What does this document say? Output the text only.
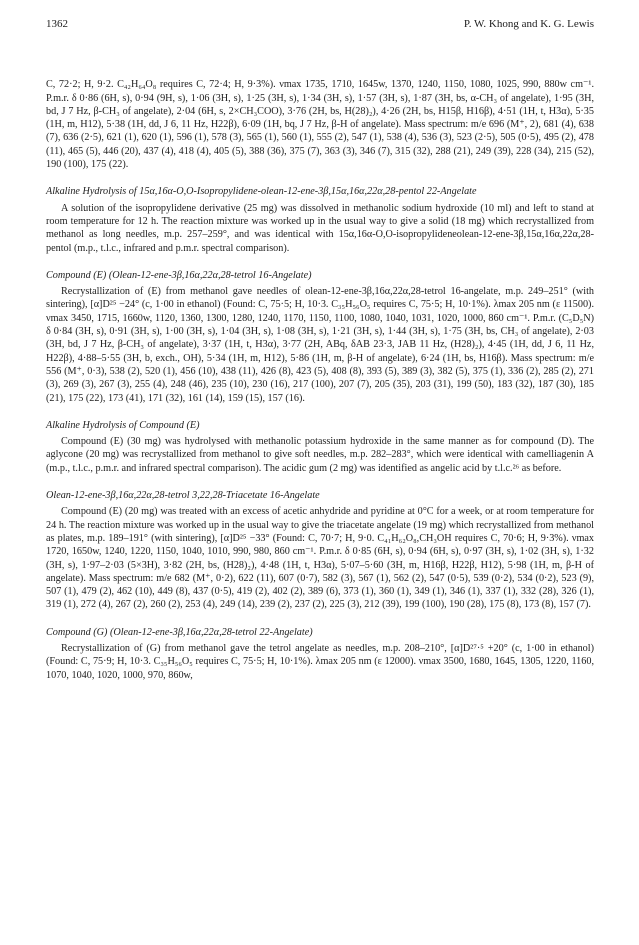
1362	P. W. Khong and K. G. Lewis

C, 72·2; H, 9·2. C₄₂H₆₄O₈ requires C, 72·4; H, 9·3%). νmax 1735, 1710, 1645w, 1370, 1240, 1150, 1080, 1025, 990, 880w cm⁻¹. P.m.r. δ 0·86 (6H, s), 0·94 (9H, s), 1·06 (3H, s), 1·25 (3H, s), 1·34 (3H, s), 1·57 (3H, s), 1·87 (3H, bs, α-CH₃ of angelate), 1·95 (3H, bd, J 7 Hz, β-CH₃ of angelate), 2·04 (6H, s, 2×CH₃COO), 3·76 (2H, bs, H(28)₂), 4·26 (2H, bs, H15β, H16β), 4·51 (1H, t, H3α), 5·35 (1H, m, H12), 5·38 (1H, dd, J 6, 11 Hz, H22β), 6·09 (1H, bq, J 7 Hz, β-H of angelate). Mass spectrum: m/e 696 (M⁺, 2), 681 (4), 638 (7), 636 (2·5), 621 (1), 620 (1), 596 (1), 578 (3), 565 (1), 560 (1), 555 (2), 547 (1), 538 (4), 536 (3), 523 (2·5), 505 (0·5), 495 (2), 478 (11), 465 (5), 446 (20), 437 (4), 418 (4), 405 (5), 388 (36), 375 (7), 363 (3), 346 (7), 315 (32), 288 (21), 249 (39), 228 (34), 215 (52), 190 (100), 175 (22).

Alkaline Hydrolysis of 15α,16α-O,O-Isopropylidene-olean-12-ene-3β,15α,16α,22α,28-pentol 22-Angelate

A solution of the isopropylidene derivative (25 mg) was dissolved in methanolic sodium hydroxide (10 ml) and left to stand at room temperature for 12 h. The reaction mixture was worked up in the usual way to give a solid (18 mg) which recrystallized from methanol as long needles, m.p. 257–259°, and was identical with 15α,16α-O,O-isopropylideneolean-12-ene-3β,15α,16α,22α,28-pentol (m.p., t.l.c., infrared and p.m.r. spectral comparison).

Compound (E) (Olean-12-ene-3β,16α,22α,28-tetrol 16-Angelate)

Recrystallization of (E) from methanol gave needles of olean-12-ene-3β,16α,22α,28-tetrol 16-angelate, m.p. 249–251° (with sintering), [α]D²⁵ −24° (c, 1·00 in ethanol) (Found: C, 75·5; H, 10·3. C₃₅H₅₆O₅ requires C, 75·5; H, 10·1%). λmax 205 nm (ε 11500). νmax 3450, 1715, 1660w, 1120, 1360, 1300, 1280, 1240, 1170, 1150, 1100, 1080, 1040, 1031, 1020, 1000, 860 cm⁻¹. P.m.r. (C₅D₅N) δ 0·84 (3H, s), 0·91 (3H, s), 1·00 (3H, s), 1·04 (3H, s), 1·08 (3H, s), 1·21 (3H, s), 1·44 (3H, s), 1·75 (3H, bs, CH₃ of angelate), 2·03 (3H, bd, J 7 Hz, β-CH₃ of angelate), 3·37 (1H, t, H3α), 3·77 (2H, ABq, δAB 23·3, JAB 11 Hz, (H28)₂), 4·45 (1H, dd, J 6, 11 Hz, H22β), 4·88–5·55 (3H, b, exch., OH), 5·34 (1H, m, H12), 5·86 (1H, m, β-H of angelate), 6·24 (1H, bs, H16β). Mass spectrum: m/e 556 (M⁺, 0·3), 538 (2), 520 (1), 456 (10), 438 (11), 426 (8), 423 (5), 408 (8), 393 (5), 389 (3), 382 (5), 375 (1), 336 (2), 285 (2), 271 (3), 269 (3), 267 (3), 255 (4), 248 (46), 235 (10), 230 (16), 217 (100), 207 (7), 205 (35), 203 (31), 199 (50), 183 (32), 187 (30), 185 (21), 175 (22), 173 (41), 171 (32), 161 (14), 159 (15), 157 (16).

Alkaline Hydrolysis of Compound (E)

Compound (E) (30 mg) was hydrolysed with methanolic potassium hydroxide in the same manner as for compound (D). The aglycone (20 mg) was recrystallized from methanol to give soft needles, m.p. 282–283°, which were identical with camelliagenin A (m.p., t.l.c., p.m.r. and infrared spectral comparison). The acidic gum (2 mg) was identified as angelic acid by t.l.c.²⁶ as before.

Olean-12-ene-3β,16α,22α,28-tetrol 3,22,28-Triacetate 16-Angelate

Compound (E) (20 mg) was treated with an excess of acetic anhydride and pyridine at 0°C for a week, or at room temperature for 24 h. The reaction mixture was worked up in the usual way to give the triacetate angelate (19 mg) which recrystallized from methanol as plates, m.p. 189–191° (with sintering), [α]D²⁵ −33° (Found: C, 70·7; H, 9·0. C₄₁H₆₂O₈,CH₃OH requires C, 70·6; H, 9·3%). νmax 1720, 1650w, 1240, 1220, 1150, 1040, 1010, 990, 980, 860 cm⁻¹. P.m.r. δ 0·85 (6H, s), 0·94 (6H, s), 0·97 (3H, s), 1·02 (3H, s), 1·32 (3H, s), 1·97–2·03 (5×3H), 3·82 (2H, bs, (H28)₂), 4·48 (1H, t, H3α), 5·07–5·60 (3H, m, H16β, H22β, H12), 5·98 (1H, m, β-H of angelate). Mass spectrum: m/e 682 (M⁺, 0·2), 622 (11), 607 (0·7), 582 (3), 567 (1), 562 (2), 547 (0·5), 539 (0·2), 534 (0·2), 523 (9), 507 (1), 479 (2), 462 (10), 449 (8), 437 (0·5), 419 (2), 402 (2), 389 (6), 373 (1), 360 (1), 349 (1), 346 (1), 337 (1), 332 (28), 326 (1), 319 (1), 272 (4), 267 (2), 260 (2), 253 (4), 249 (14), 239 (2), 237 (2), 225 (3), 212 (39), 199 (100), 190 (28), 175 (8), 173 (8), 157 (7).

Compound (G) (Olean-12-ene-3β,16α,22α,28-tetrol 22-Angelate)

Recrystallization of (G) from methanol gave the tetrol angelate as needles, m.p. 208–210°, [α]D²⁷·⁵ +20° (c, 1·00 in ethanol) (Found: C, 75·9; H, 10·3. C₃₅H₅₆O₅ requires C, 75·5; H, 10·1%). λmax 205 nm (ε 12000). νmax 3500, 1680, 1645, 1305, 1220, 1160, 1070, 1040, 1020, 1000, 970, 860w,
